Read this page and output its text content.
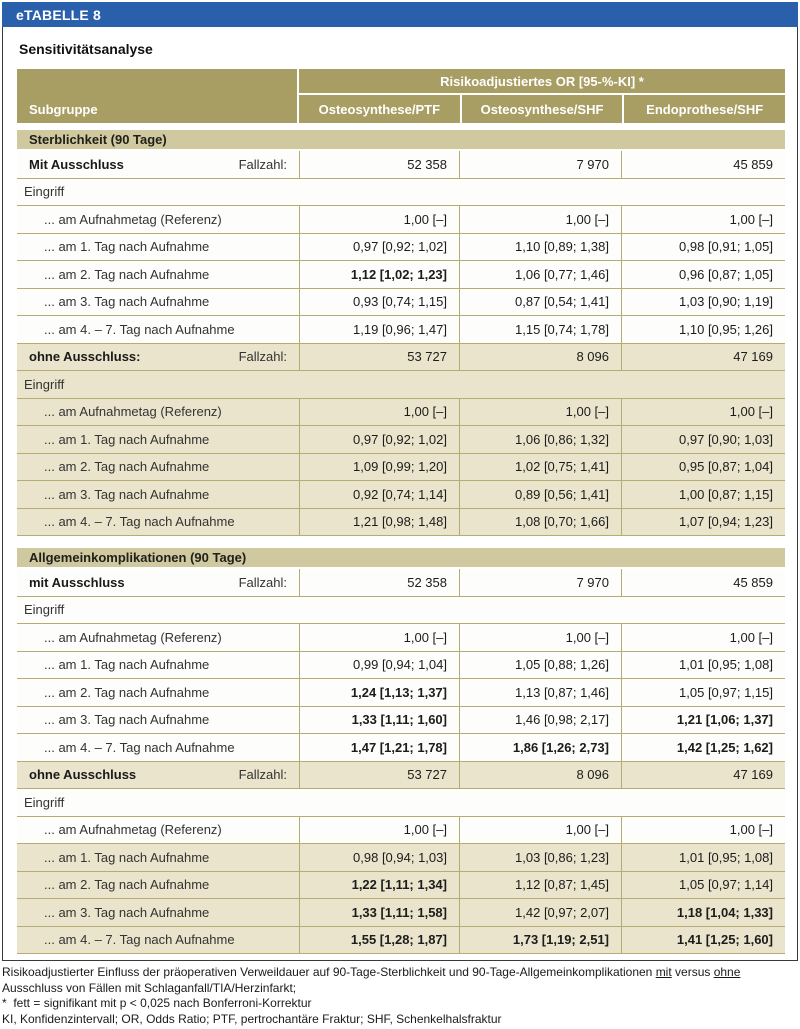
eTABELLE 8
Sensitivitätsanalyse
Subgruppe
Risikoadjustiertes OR [95-%-KI] *
Osteosynthese/PTF	Osteosynthese/SHF	Endoprothese/SHF
Sterblichkeit (90 Tage)
Mit Ausschluss	Fallzahl:	52 358	7 970	45 859
Eingriff
... am Aufnahmetag (Referenz)	1,00 [–]	1,00 [–]	1,00 [–]
... am 1. Tag nach Aufnahme	0,97 [0,92; 1,02]	1,10 [0,89; 1,38]	0,98 [0,91; 1,05]
... am 2. Tag nach Aufnahme	1,12 [1,02; 1,23]	1,06 [0,77; 1,46]	0,96 [0,87; 1,05]
... am 3. Tag nach Aufnahme	0,93 [0,74; 1,15]	0,87 [0,54; 1,41]	1,03 [0,90; 1,19]
... am 4. – 7. Tag nach Aufnahme	1,19 [0,96; 1,47]	1,15 [0,74; 1,78]	1,10 [0,95; 1,26]
ohne Ausschluss:	Fallzahl:	53 727	8 096	47 169
Eingriff
... am Aufnahmetag (Referenz)	1,00 [–]	1,00 [–]	1,00 [–]
... am 1. Tag nach Aufnahme	0,97 [0,92; 1,02]	1,06 [0,86; 1,32]	0,97 [0,90; 1,03]
... am 2. Tag nach Aufnahme	1,09 [0,99; 1,20]	1,02 [0,75; 1,41]	0,95 [0,87; 1,04]
... am 3. Tag nach Aufnahme	0,92 [0,74; 1,14]	0,89 [0,56; 1,41]	1,00 [0,87; 1,15]
... am 4. – 7. Tag nach Aufnahme	1,21 [0,98; 1,48]	1,08 [0,70; 1,66]	1,07 [0,94; 1,23]
Allgemeinkomplikationen (90 Tage)
mit Ausschluss	Fallzahl:	52 358	7 970	45 859
Eingriff
... am Aufnahmetag (Referenz)	1,00 [–]	1,00 [–]	1,00 [–]
... am 1. Tag nach Aufnahme	0,99 [0,94; 1,04]	1,05 [0,88; 1,26]	1,01 [0,95; 1,08]
... am 2. Tag nach Aufnahme	1,24 [1,13; 1,37]	1,13 [0,87; 1,46]	1,05 [0,97; 1,15]
... am 3. Tag nach Aufnahme	1,33 [1,11; 1,60]	1,46 [0,98; 2,17]	1,21 [1,06; 1,37]
... am 4. – 7. Tag nach Aufnahme	1,47 [1,21; 1,78]	1,86 [1,26; 2,73]	1,42 [1,25; 1,62]
ohne Ausschluss	Fallzahl:	53 727	8 096	47 169
Eingriff
... am Aufnahmetag (Referenz)	1,00 [–]	1,00 [–]	1,00 [–]
... am 1. Tag nach Aufnahme	0,98 [0,94; 1,03]	1,03 [0,86; 1,23]	1,01 [0,95; 1,08]
... am 2. Tag nach Aufnahme	1,22 [1,11; 1,34]	1,12 [0,87; 1,45]	1,05 [0,97; 1,14]
... am 3. Tag nach Aufnahme	1,33 [1,11; 1,58]	1,42 [0,97; 2,07]	1,18 [1,04; 1,33]
... am 4. – 7. Tag nach Aufnahme	1,55 [1,28; 1,87]	1,73 [1,19; 2,51]	1,41 [1,25; 1,60]
Risikoadjustierter Einfluss der präoperativen Verweildauer auf 90-Tage-Sterblichkeit und 90-Tage-Allgemeinkomplikationen mit versus ohne Ausschluss von Fällen mit Schlaganfall/TIA/Herzinfarkt;
*  fett = signifikant mit p < 0,025 nach Bonferroni-Korrektur
KI, Konfidenzintervall; OR, Odds Ratio; PTF, pertrochantäre Fraktur; SHF, Schenkelhalsfraktur
